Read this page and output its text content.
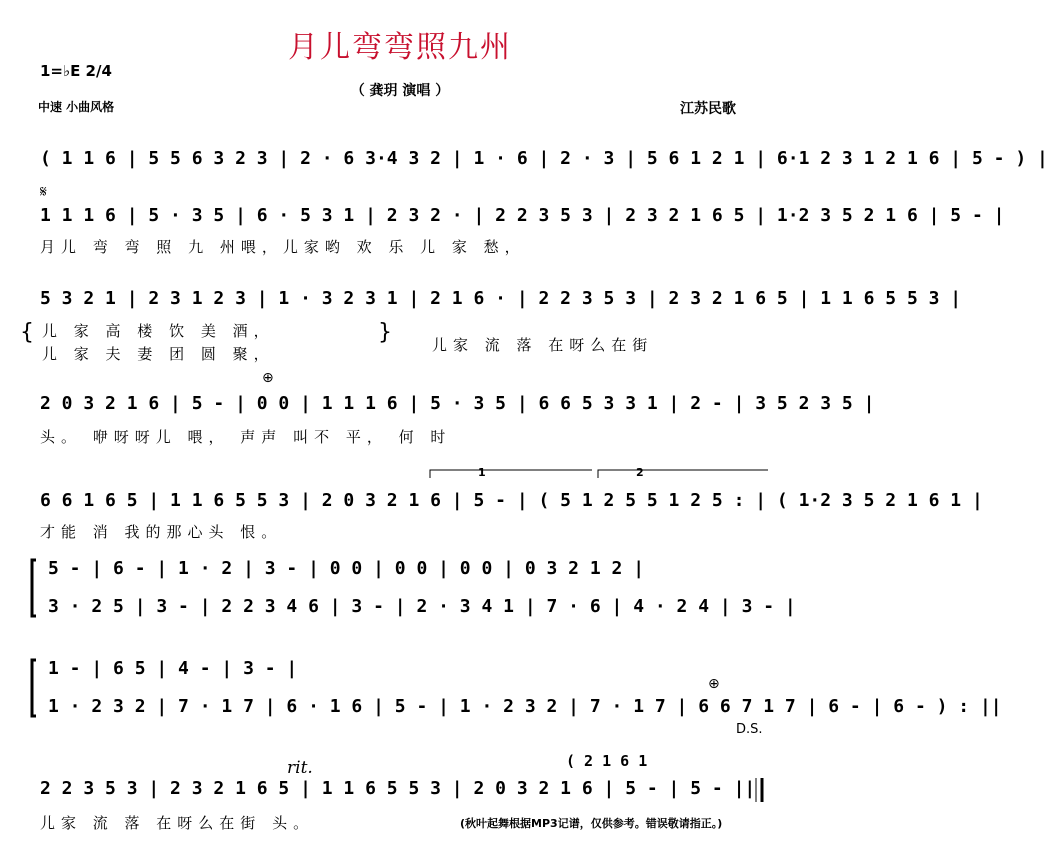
月儿弯弯照九州
1=♭E 2/4
中速 小曲风格
（ 龚玥 演唱 ）
江苏民歌
( 1 1 6 | 5 5 6 3 2 3 | 2 · 6 3·4 3 2 | 1 · 6 | 2 · 3 | 5 6 1 2 1 | 6·1 2 3 1 2 1 6 | 5 - ) |
𝄋
1 1 1 6 | 5 · 3 5 | 6 · 5 3 1 | 2 3 2 · | 2 2 3 5 3 | 2 3 2 1 6 5 | 1·2 3 5 2 1 6 | 5 - |
月儿 弯 弯 照 九 州喂，儿家哟 欢 乐 儿 家 愁，
5 3 2 1 | 2 3 1 2 3 | 1 · 3 2 3 1 | 2 1 6 · | 2 2 3 5 3 | 2 3 2 1 6 5 | 1 1 6 5 5 3 |
{ 儿 家 高 楼 饮 美 酒，
儿 家 夫 妻 团 圆 聚，
}	儿家 流 落 在呀么在街
⊕
2 0 3 2 1 6 | 5 - | 0 0 | 1 1 1 6 | 5 · 3 5 | 6 6 5 3 3 1 | 2 - | 3 5 2 3 5 |
头。 咿呀呀儿 喂， 声声 叫不 平， 何 时
1	2
6 6 1 6 5 | 1 1 6 5 5 3 | 2 0 3 2 1 6 | 5 - | ( 5 1 2 5 5 1 2 5 : | ( 1·2 3 5 2 1 6 1 |
才能 消 我的那心头 恨。
5 - | 6 - | 1 · 2 | 3 - | 0 0 | 0 0 | 0 0 | 0 3 2 1 2 |
3 · 2 5 | 3 - | 2 2 3 4 6 | 3 - | 2 · 3 4 1 | 7 · 6 | 4 · 2 4 | 3 - |
1 - | 6 5 | 4 - | 3 - |
1 · 2 3 2 | 7 · 1 7 | 6 · 1 6 | 5 - | 1 · 2 3 2 | 7 · 1 7 | 6 6 7 1 7 | 6 - | 6 - ) : ||
D.S.
⊕
rit.	( 2 1 6 1
2 2 3 5 3 | 2 3 2 1 6 5 | 1 1 6 5 5 3 | 2 0 3 2 1 6 | 5 - | 5 - ||
儿家 流 落 在呀么在街 头。	(秋叶起舞根据MP3记谱，仅供参考。错误敬请指正。)
